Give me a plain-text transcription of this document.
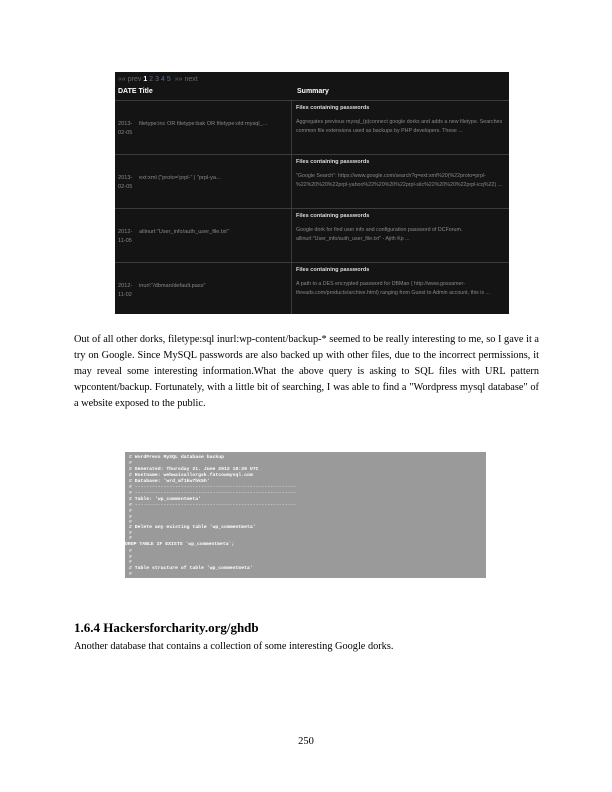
«« prev 1 2 3 4 5 »» next
DATE Title	Summary
2013-02-05
filetype:inc OR filetype:bak OR filetype:old mysql_...
Files containing passwords
Aggregates previous mysql_(p)connect google dorks and adds a new filetype. Searches common file extensions used as backups by PHP developers. These ...
2013-02-05
ext:xml ("proto='prpl-" | "prpl-ya...
Files containing passwords
"Google Search": https://www.google.com/search?q=ext:xml%20(%22proto=prpl-%22%20%20%22prpl-yahoo%22%20%20%22prpl-silc%22%20%20%22prpl-icq%22) ...
2012-11-05
allinurl:"User_info/auth_user_file.txt"
Files containing passwords
Google dork for find user info and configuration password of DCForum. allinurl:"User_info/auth_user_file.txt" - Ajith Kp ...
2012-11-02
inurl:"/dbman/default.pass"
Files containing passwords
A path to a DES encrypted password for DBMan ( http://www.gossamer-threads.com/products/archive.html) ranging from Guest to Admin account, this is ...

Out of all other dorks, filetype:sql inurl:wp-content/backup-* seemed to be really interesting to me, so I gave it a try on Google. Since MySQL passwords are also backed up with other files, due to the incorrect permissions, it may reveal some interesting information.What the above query is asking to SQL files with URL pattern wpcontent/backup. Fortunately, with a little bit of searching, I was able to find a "Wordpress mysql database" of a website exposed to the public.

# WordPress MySQL database backup

#

# Generated: Thursday 21. June 2012 18:29 UTC

# Hostname: webwaisallorgsk.fatcowmysql.com

# Database: 'wrd_mf1kw7bk5h'

# --------------------------------------------------------

# --------------------------------------------------------

# Table: 'wp_commentmeta'

# --------------------------------------------------------

#

#

#

# Delete any existing table 'wp_commentmeta'

#

#

DROP TABLE IF EXISTS `wp_commentmeta`;

#

#

#

# Table structure of table 'wp_commentmeta'

#

1.6.4 Hackersforcharity.org/ghdb

Another database that contains a collection of some interesting Google dorks.

250
